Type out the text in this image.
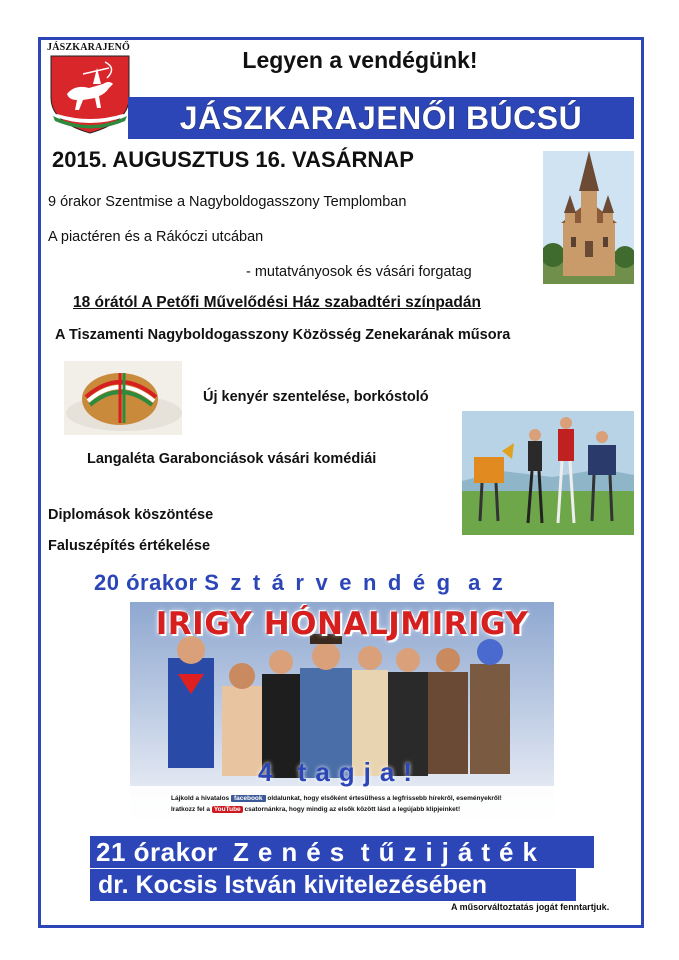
JÁSZKARAJENŐ	Legyen a vendégünk!
JÁSZKARAJENŐI BÚCSÚ
2015. AUGUSZTUS 16. VASÁRNAP
9 órakor Szentmise a Nagyboldogasszony Templomban
A piactéren és a Rákóczi utcában
- mutatványosok és vásári forgatag
18 órától A Petőfi Művelődési Ház szabadtéri színpadán
A Tiszamenti Nagyboldogasszony Közösség Zenekarának műsora
Új kenyér szentelése, borkóstoló
Langaléta Garabonciások vásári komédiái
Diplomások köszöntése
Faluszépítés értékelése
20 órakor Sztárvendég az
IRIGY HÓNALJMIRIGY
4 tagja!
Lájkold a hivatalos facebook oldalunkat, hogy elsőként értesülhess a legfrissebb hírekről, eseményekről!
Iratkozz fel a YouTube csatornánkra, hogy mindig az elsők között lásd a legújabb klipjeinket!
21 órakor Zenés tűzijáték
dr. Kocsis István kivitelezésében
A műsorváltoztatás jogát fenntartjuk.
